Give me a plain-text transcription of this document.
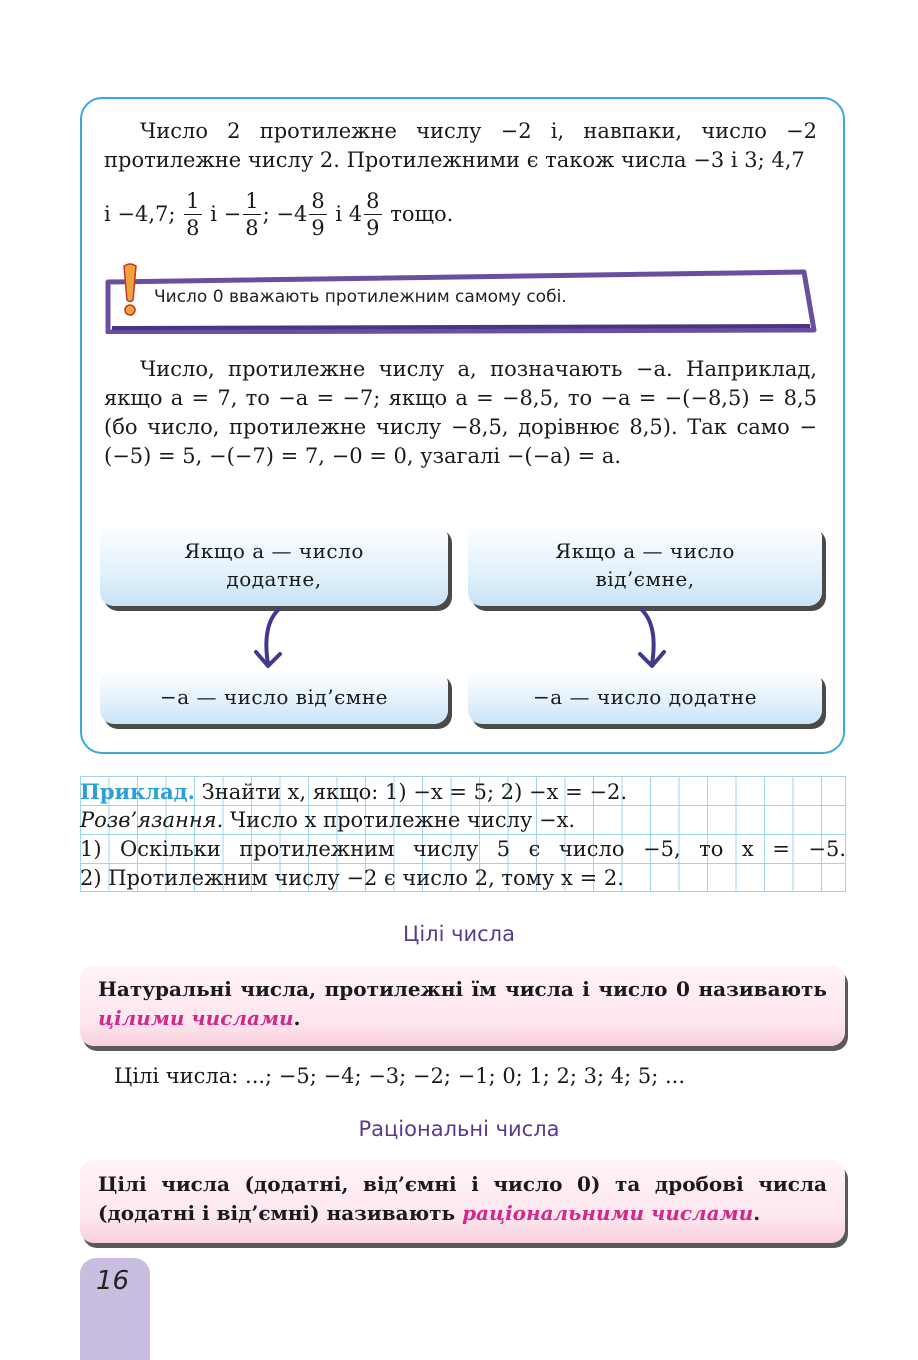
Число 2 протилежне числу −2 і, навпаки, число −2 протилежне числу 2. Протилежними є також числа −3 і 3; 4,7

і −4,7;
$\frac{1}{8}$
$і - \frac{1}{8}$ ; $-4 \frac{8}{9}$
і $4 \frac{8}{9}$
тощо.
Число 0 вважають протилежним самому собі.

Число, протилежне числу a, позначають −a. Наприклад, якщо a = 7, то −a = −7; якщо a = −8,5, то −a = −(−8,5) = 8,5 (бо число, протилежне числу −8,5, дорівнює 8,5). Так само −(−5) = 5, −(−7) = 7, −0 = 0, узагалі −(−a) = a.

Якщо a — число
додатне,
Якщо a — число
від’ємне,
−a — число від’ємне	−a — число додатне
Приклад. Знайти x, якщо: 1) −x = 5; 2) −x = −2.
Розв’язання. Число x протилежне числу −x.
1) Оскільки протилежним числу 5 є число −5, то x = −5.
2) Протилежним числу −2 є число 2, тому x = 2.
Цілі числа
Натуральні числа, протилежні їм числа і число 0 називають цілими числами.
Цілі числа: ...; −5; −4; −3; −2; −1; 0; 1; 2; 3; 4; 5; ...
Раціональні числа
Цілі числа (додатні, від’ємні і число 0) та дробові числа (додатні і від’ємні) називають раціональними числами.
16
